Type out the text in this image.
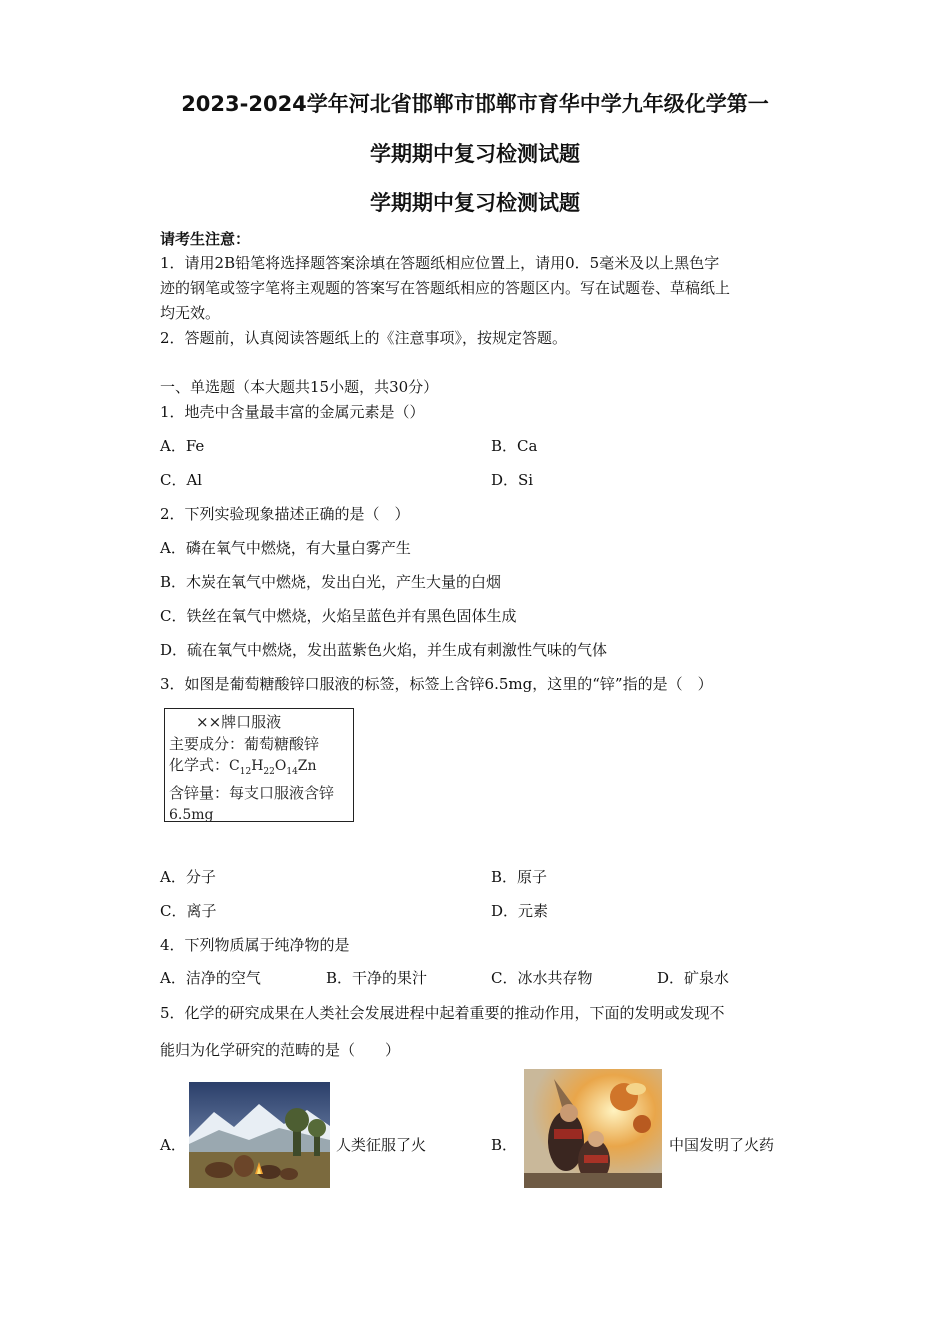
2023-2024学年河北省邯郸市邯郸市育华中学九年级化学第一
学期期中复习检测试题
学期期中复习检测试题
请考生注意：
1．请用2B铅笔将选择题答案涂填在答题纸相应位置上，请用0．5毫米及以上黑色字
迹的钢笔或签字笔将主观题的答案写在答题纸相应的答题区内。写在试题卷、草稿纸上
均无效。
2．答题前，认真阅读答题纸上的《注意事项》，按规定答题。
一、单选题（本大题共15小题，共30分）
1．地壳中含量最丰富的金属元素是（）
A．Fe	B．Ca
C．Al	D．Si
2．下列实验现象描述正确的是（　）
A．磷在氧气中燃烧，有大量白雾产生
B．木炭在氧气中燃烧，发出白光，产生大量的白烟
C．铁丝在氧气中燃烧，火焰呈蓝色并有黑色固体生成
D．硫在氧气中燃烧，发出蓝紫色火焰，并生成有刺激性气味的气体
3．如图是葡萄糖酸锌口服液的标签，标签上含锌6.5mg，这里的“锌”指的是（　）
××牌口服液
主要成分：葡萄糖酸锌
化学式：$C_{12}H_{22}O_{14}Zn$
含锌量：每支口服液含锌
6.5mg
A．分子	B．原子
C．离子	D．元素
4．下列物质属于纯净物的是
A．洁净的空气	B．干净的果汁	C．冰水共存物	D．矿泉水
5．化学的研究成果在人类社会发展进程中起着重要的推动作用，下面的发明或发现不
能归为化学研究的范畴的是（　　）
A．	人类征服了火	B．	中国发明了火药
